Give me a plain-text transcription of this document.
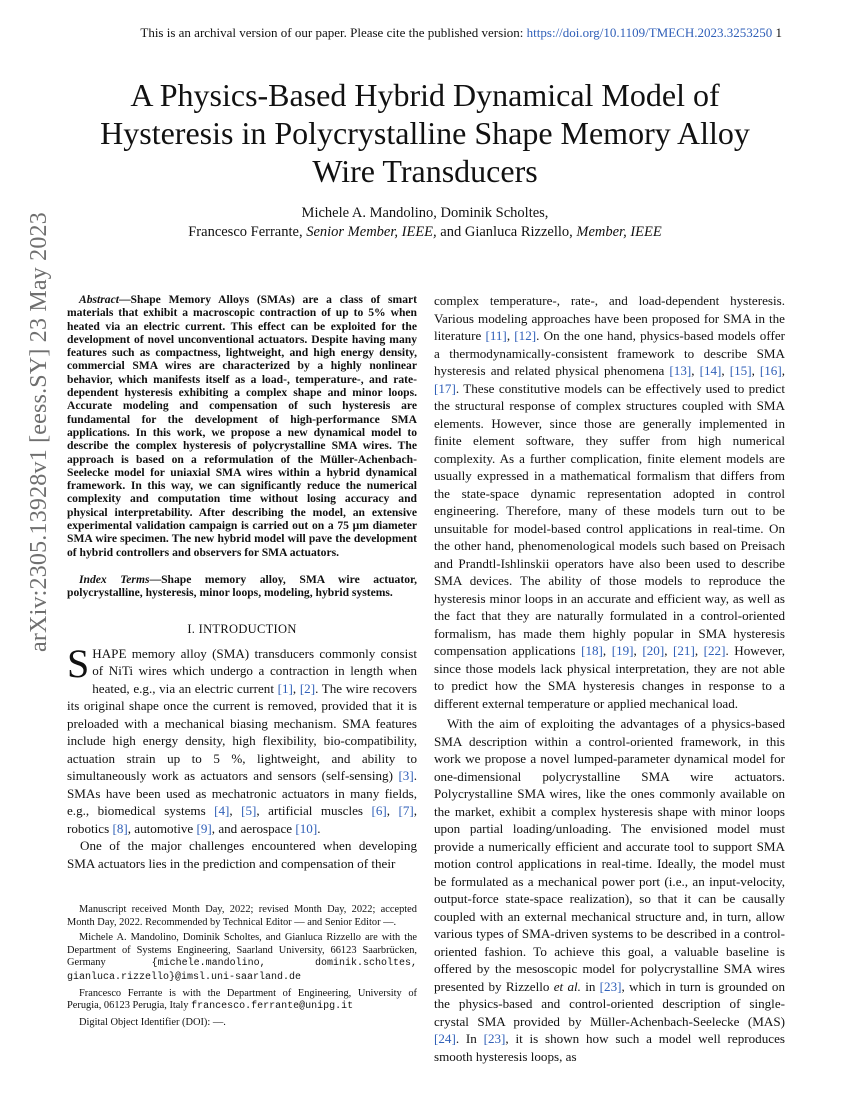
This is an archival version of our paper. Please cite the published version: https://doi.org/10.1109/TMECH.2023.3253250 1
arXiv:2305.13928v1 [eess.SY] 23 May 2023
A Physics-Based Hybrid Dynamical Model of Hysteresis in Polycrystalline Shape Memory Alloy Wire Transducers
Michele A. Mandolino, Dominik Scholtes,
Francesco Ferrante, Senior Member, IEEE, and Gianluca Rizzello, Member, IEEE

Abstract—Shape Memory Alloys (SMAs) are a class of smart materials that exhibit a macroscopic contraction of up to 5% when heated via an electric current. This effect can be exploited for the development of novel unconventional actuators. Despite having many features such as compactness, lightweight, and high energy density, commercial SMA wires are characterized by a highly nonlinear behavior, which manifests itself as a load-, temperature-, and rate-dependent hysteresis exhibiting a complex shape and minor loops. Accurate modeling and compensation of such hysteresis are fundamental for the development of high-performance SMA applications. In this work, we propose a new dynamical model to describe the complex hysteresis of polycrystalline SMA wires. The approach is based on a reformulation of the Müller-Achenbach-Seelecke model for uniaxial SMA wires within a hybrid dynamical framework. In this way, we can significantly reduce the numerical complexity and computation time without losing accuracy and physical interpretability. After describing the model, an extensive experimental validation campaign is carried out on a 75 μm diameter SMA wire specimen. The new hybrid model will pave the development of hybrid controllers and observers for SMA actuators.

Index Terms—Shape memory alloy, SMA wire actuator, polycrystalline, hysteresis, minor loops, modeling, hybrid systems.

I. INTRODUCTION

SHAPE memory alloy (SMA) transducers commonly consist of NiTi wires which undergo a contraction in length when heated, e.g., via an electric current [1], [2]. The wire recovers its original shape once the current is removed, provided that it is preloaded with a mechanical biasing mechanism. SMA features include high energy density, high flexibility, bio-compatibility, actuation strain up to 5 %, lightweight, and ability to simultaneously work as actuators and sensors (self-sensing) [3]. SMAs have been used as mechatronic actuators in many fields, e.g., biomedical systems [4], [5], artificial muscles [6], [7], robotics [8], automotive [9], and aerospace [10].

One of the major challenges encountered when developing SMA actuators lies in the prediction and compensation of their

Manuscript received Month Day, 2022; revised Month Day, 2022; accepted Month Day, 2022. Recommended by Technical Editor — and Senior Editor —.

Michele A. Mandolino, Dominik Scholtes, and Gianluca Rizzello are with the Department of Systems Engineering, Saarland University, 66123 Saarbrücken, Germany {michele.mandolino, dominik.scholtes, gianluca.rizzello}@imsl.uni-saarland.de

Francesco Ferrante is with the Department of Engineering, University of Perugia, 06123 Perugia, Italy francesco.ferrante@unipg.it

Digital Object Identifier (DOI): —.

complex temperature-, rate-, and load-dependent hysteresis. Various modeling approaches have been proposed for SMA in the literature [11], [12]. On the one hand, physics-based models offer a thermodynamically-consistent framework to describe SMA hysteresis and related physical phenomena [13], [14], [15], [16], [17]. These constitutive models can be effectively used to predict the structural response of complex structures coupled with SMA elements. However, since those are generally implemented in finite element software, they suffer from high numerical complexity. As a further complication, finite element models are usually expressed in a mathematical formalism that differs from the state-space dynamic representation adopted in control engineering. Therefore, many of these models turn out to be unsuitable for model-based control applications in real-time. On the other hand, phenomenological models such based on Preisach and Prandtl-Ishlinskii operators have also been used to describe SMA devices. The ability of those models to reproduce the hysteresis minor loops in an accurate and efficient way, as well as the fact that they are naturally formulated in a control-oriented formalism, has made them highly popular in SMA hysteresis compensation applications [18], [19], [20], [21], [22]. However, since those models lack physical interpretation, they are not able to predict how the SMA hysteresis changes in response to a different external temperature or applied mechanical load.

With the aim of exploiting the advantages of a physics-based SMA description within a control-oriented framework, in this work we propose a novel lumped-parameter dynamical model for one-dimensional polycrystalline SMA wire actuators. Polycrystalline SMA wires, like the ones commonly available on the market, exhibit a complex hysteresis shape with minor loops upon partial loading/unloading. The envisioned model must provide a numerically efficient and accurate tool to support SMA motion control applications in real-time. Ideally, the model must be formulated as a mechanical power port (i.e., an input-velocity, output-force state-space realization), so that it can be causally coupled with an external mechanical structure and, in turn, allow various types of SMA-driven systems to be described in a control-oriented fashion. To achieve this goal, a valuable baseline is offered by the mesoscopic model for polycrystalline SMA wires presented by Rizzello et al. in [23], which in turn is grounded on the physics-based and control-oriented description of single-crystal SMA provided by Müller-Achenbach-Seelecke (MAS) [24]. In [23], it is shown how such a model well reproduces smooth hysteresis loops, as
